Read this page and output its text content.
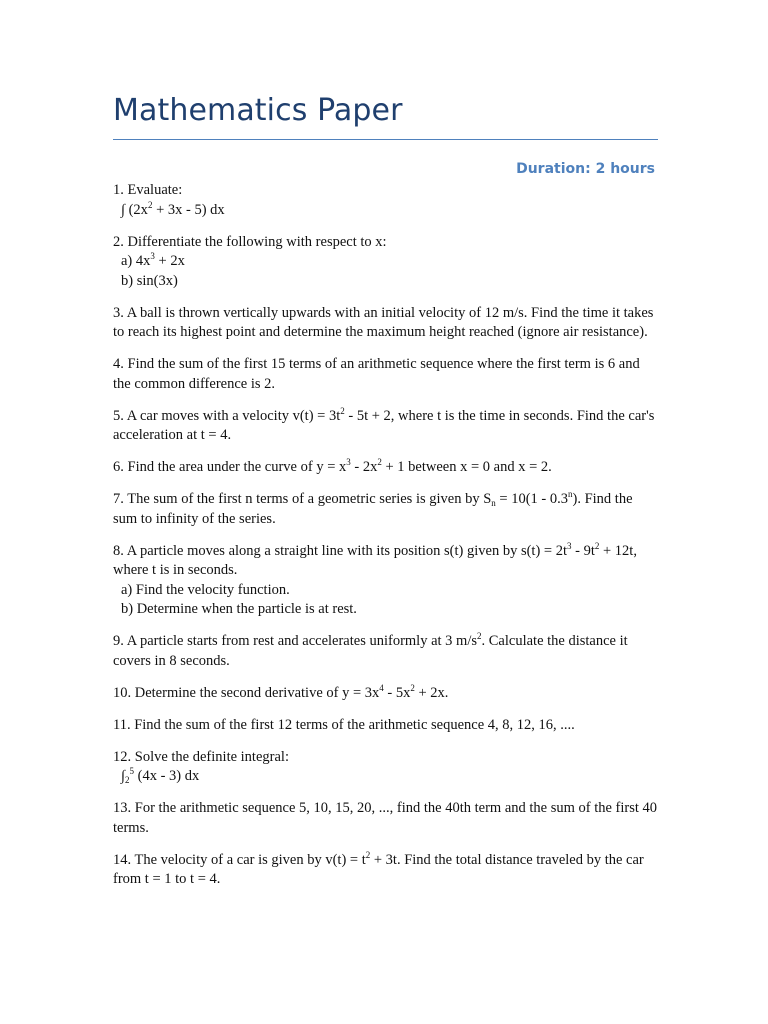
Mathematics Paper
Duration: 2 hours
1. Evaluate:
∫ $(2x^2 + 3x - 5)$ dx
2. Differentiate the following with respect to x:
a) $4x^3 + 2x$
b) sin(3x)
3. A ball is thrown vertically upwards with an initial velocity of 12 m/s. Find the time it takes to reach its highest point and determine the maximum height reached (ignore air resistance).
4. Find the sum of the first 15 terms of an arithmetic sequence where the first term is 6 and the common difference is 2.
5. A car moves with a velocity $v(t) = 3t^2 - 5t + 2$, where t is the time in seconds. Find the car's acceleration at t = 4.
6. Find the area under the curve of $y = x^3 - 2x^2 + 1$ between x = 0 and x = 2.
7. The sum of the first n terms of a geometric series is given by $S_n = 10(1 - 0.3^n)$. Find the sum to infinity of the series.
8. A particle moves along a straight line with its position s(t) given by $s(t) = 2t^3 - 9t^2 + 12t$, where t is in seconds.
a) Find the velocity function.
b) Determine when the particle is at rest.
9. A particle starts from rest and accelerates uniformly at 3 $m/s^2$. Calculate the distance it covers in 8 seconds.
10. Determine the second derivative of $y = 3x^4 - 5x^2 + 2x$.
11. Find the sum of the first 12 terms of the arithmetic sequence 4, 8, 12, 16, ....
12. Solve the definite integral:
$\int_2^5$ (4x - 3) dx
13. For the arithmetic sequence 5, 10, 15, 20, ..., find the 40th term and the sum of the first 40 terms.
14. The velocity of a car is given by $v(t) = t^2 + 3t$. Find the total distance traveled by the car from t = 1 to t = 4.
